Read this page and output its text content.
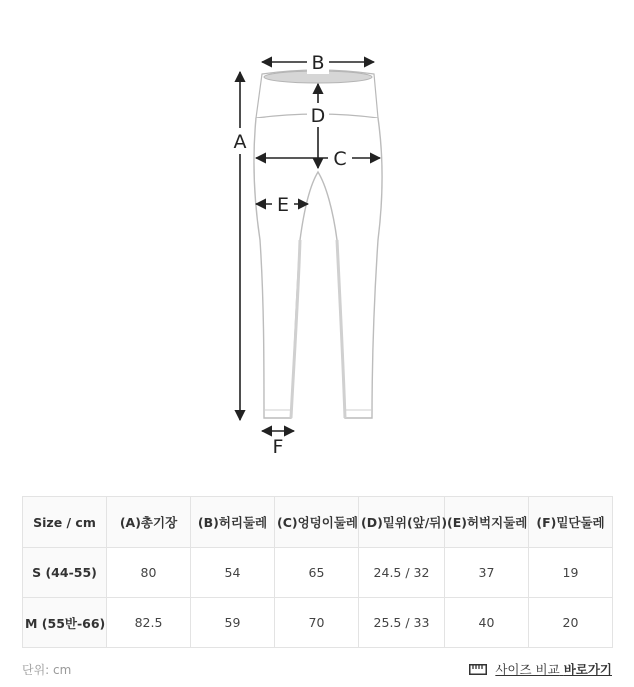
A
B
D
C
E
F
Size / cm	(A)총기장	(B)허리둘레	(C)엉덩이둘레	(D)밑위(앞/뒤)	(E)허벅지둘레	(F)밑단둘레
S (44-55)	80	54	65	24.5 / 32	37	19
M (55반-66)	82.5	59	70	25.5 / 33	40	20
단위: cm	사이즈 비교 바로가기
